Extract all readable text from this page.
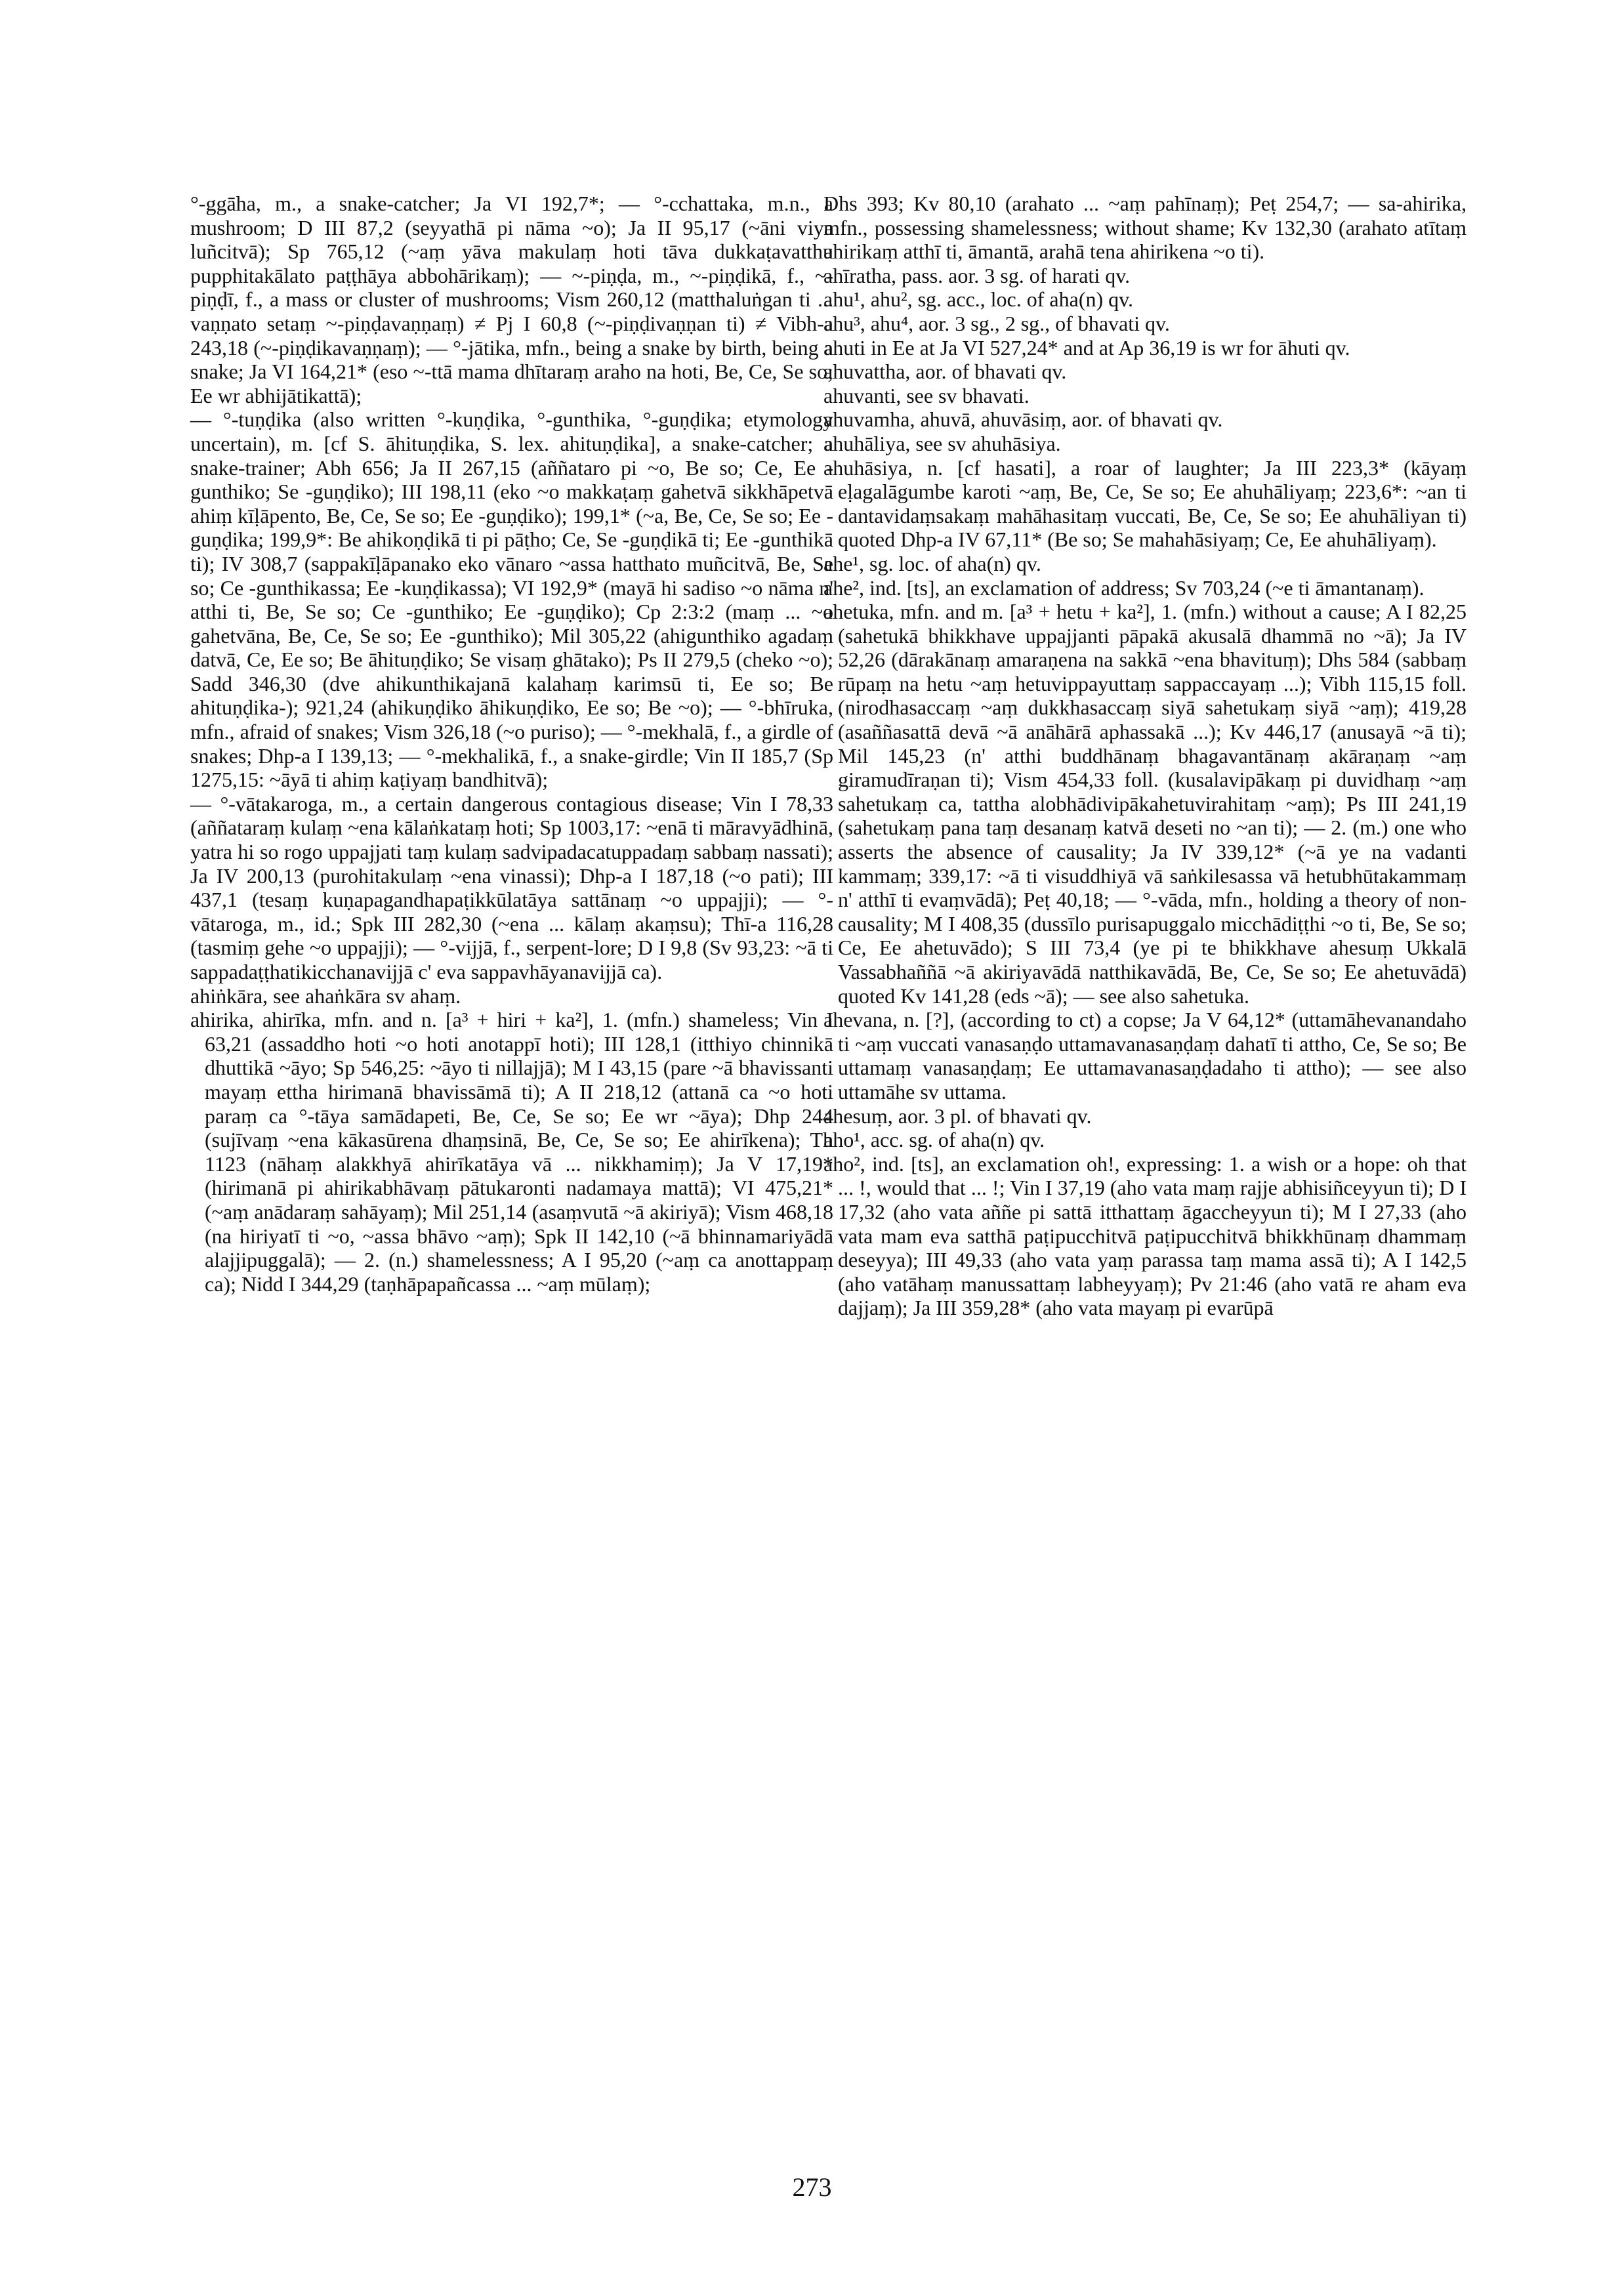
°-ggāha, m., a snake-catcher; Ja VI 192,7*; — °-cchattaka, m.n., a mushroom; D III 87,2 (seyyathā pi nāma ~o); Ja II 95,17 (~āni viya luñcitvā); Sp 765,12 (~aṃ yāva makulaṃ hoti tāva dukkaṭavatthu pupphitakālato paṭṭhāya abbohārikaṃ); — ~-piṇḍa, m., ~-piṇḍikā, f., ~-piṇḍī, f., a mass or cluster of mushrooms; Vism 260,12 (matthaluṅgan ti ... vaṇṇato setaṃ ~-piṇḍavaṇṇaṃ) ≠ Pj I 60,8 (~-piṇḍivaṇṇan ti) ≠ Vibh-a 243,18 (~-piṇḍikavaṇṇaṃ); — °-jātika, mfn., being a snake by birth, being a snake; Ja VI 164,21* (eso ~-ttā mama dhītaraṃ araho na hoti, Be, Ce, Se so; Ee wr abhijātikattā);

— °-tuṇḍika (also written °-kuṇḍika, °-gunthika, °-guṇḍika; etymology uncertain), m. [cf S. āhituṇḍika, S. lex. ahituṇḍika], a snake-catcher; a snake-trainer; Abh 656; Ja II 267,15 (aññataro pi ~o, Be so; Ce, Ee -gunthiko; Se -guṇḍiko); III 198,11 (eko ~o makkaṭaṃ gahetvā sikkhāpetvā ahiṃ kīḷāpento, Be, Ce, Se so; Ee -guṇḍiko); 199,1* (~a, Be, Ce, Se so; Ee -guṇḍika; 199,9*: Be ahikoṇḍikā ti pi pāṭho; Ce, Se -guṇḍikā ti; Ee -gunthikā ti); IV 308,7 (sappakīḷāpanako eko vānaro ~assa hatthato muñcitvā, Be, Se so; Ce -gunthikassa; Ee -kuṇḍikassa); VI 192,9* (mayā hi sadiso ~o nāma n' atthi ti, Be, Se so; Ce -gunthiko; Ee -guṇḍiko); Cp 2:3:2 (maṃ ... ~o gahetvāna, Be, Ce, Se so; Ee -gunthiko); Mil 305,22 (ahigunthiko agadaṃ datvā, Ce, Ee so; Be āhituṇḍiko; Se visaṃ ghātako); Ps II 279,5 (cheko ~o); Sadd 346,30 (dve ahikunthikajanā kalahaṃ karimsū ti, Ee so; Be ahituṇḍika-); 921,24 (ahikuṇḍiko āhikuṇḍiko, Ee so; Be ~o); — °-bhīruka, mfn., afraid of snakes; Vism 326,18 (~o puriso); — °-mekhalā, f., a girdle of snakes; Dhp-a I 139,13; — °-mekhalikā, f., a snake-girdle; Vin II 185,7 (Sp 1275,15: ~āyā ti ahiṃ kaṭiyaṃ bandhitvā);

— °-vātakaroga, m., a certain dangerous contagious disease; Vin I 78,33 (aññataraṃ kulaṃ ~ena kālaṅkataṃ hoti; Sp 1003,17: ~enā ti māravyādhinā, yatra hi so rogo uppajjati taṃ kulaṃ sadvipadacatuppadaṃ sabbaṃ nassati); Ja IV 200,13 (purohitakulaṃ ~ena vinassi); Dhp-a I 187,18 (~o pati); III 437,1 (tesaṃ kuṇapagandhapaṭikkūlatāya sattānaṃ ~o uppajji); — °-vātaroga, m., id.; Spk III 282,30 (~ena ... kālaṃ akaṃsu); Thī-a 116,28 (tasmiṃ gehe ~o uppajji); — °-vijjā, f., serpent-lore; D I 9,8 (Sv 93,23: ~ā ti sappadaṭṭhatikicchanavijjā c' eva sappavhāyanavijjā ca).

ahiṅkāra, see ahaṅkāra sv ahaṃ.

ahirika, ahirīka, mfn. and n. [a³ + hiri + ka²], 1. (mfn.) shameless; Vin I 63,21 (assaddho hoti ~o hoti anotappī hoti); III 128,1 (itthiyo chinnikā dhuttikā ~āyo; Sp 546,25: ~āyo ti nillajjā); M I 43,15 (pare ~ā bhavissanti mayaṃ ettha hirimanā bhavissāmā ti); A II 218,12 (attanā ca ~o hoti paraṃ ca °-tāya samādapeti, Be, Ce, Se so; Ee wr ~āya); Dhp 244 (sujīvaṃ ~ena kākasūrena dhaṃsinā, Be, Ce, Se so; Ee ahirīkena); Th 1123 (nāhaṃ alakkhyā ahirīkatāya vā ... nikkhamiṃ); Ja V 17,19* (hirimanā pi ahirikabhāvaṃ pātukaronti nadamaya mattā); VI 475,21* (~aṃ anādaraṃ sahāyaṃ); Mil 251,14 (asaṃvutā ~ā akiriyā); Vism 468,18 (na hiriyatī ti ~o, ~assa bhāvo ~aṃ); Spk II 142,10 (~ā bhinnamariyādā alajjipuggalā); — 2. (n.) shamelessness; A I 95,20 (~aṃ ca anottappaṃ ca); Nidd I 344,29 (taṇhāpapañcassa ... ~aṃ mūlaṃ);

Dhs 393; Kv 80,10 (arahato ... ~aṃ pahīnaṃ); Peṭ 254,7; — sa-ahirika, mfn., possessing shamelessness; without shame; Kv 132,30 (arahato atītaṃ ahirikaṃ atthī ti, āmantā, arahā tena ahirikena ~o ti).

ahīratha, pass. aor. 3 sg. of harati qv.

ahu¹, ahu², sg. acc., loc. of aha(n) qv.

ahu³, ahu⁴, aor. 3 sg., 2 sg., of bhavati qv.

ahuti in Ee at Ja VI 527,24* and at Ap 36,19 is wr for āhuti qv.

ahuvattha, aor. of bhavati qv.

ahuvanti, see sv bhavati.

ahuvamha, ahuvā, ahuvāsiṃ, aor. of bhavati qv.

ahuhāliya, see sv ahuhāsiya.

ahuhāsiya, n. [cf hasati], a roar of laughter; Ja III 223,3* (kāyaṃ eḷagalāgumbe karoti ~aṃ, Be, Ce, Se so; Ee ahuhāliyaṃ; 223,6*: ~an ti dantavidaṃsakaṃ mahāhasitaṃ vuccati, Be, Ce, Se so; Ee ahuhāliyan ti) quoted Dhp-a IV 67,11* (Be so; Se mahahāsiyaṃ; Ce, Ee ahuhāliyaṃ).

ahe¹, sg. loc. of aha(n) qv.

ahe², ind. [ts], an exclamation of address; Sv 703,24 (~e ti āmantanaṃ).

ahetuka, mfn. and m. [a³ + hetu + ka²], 1. (mfn.) without a cause; A I 82,25 (sahetukā bhikkhave uppajjanti pāpakā akusalā dhammā no ~ā); Ja IV 52,26 (dārakānaṃ amaraṇena na sakkā ~ena bhavituṃ); Dhs 584 (sabbaṃ rūpaṃ na hetu ~aṃ hetuvippayuttaṃ sappaccayaṃ ...); Vibh 115,15 foll. (nirodhasaccaṃ ~aṃ dukkhasaccaṃ siyā sahetukaṃ siyā ~aṃ); 419,28 (asaññasattā devā ~ā anāhārā aphassakā ...); Kv 446,17 (anusayā ~ā ti); Mil 145,23 (n' atthi buddhānaṃ bhagavantānaṃ akāraṇaṃ ~aṃ giramudīraṇan ti); Vism 454,33 foll. (kusalavipākaṃ pi duvidhaṃ ~aṃ sahetukaṃ ca, tattha alobhādivipākahetuvirahitaṃ ~aṃ); Ps III 241,19 (sahetukaṃ pana taṃ desanaṃ katvā deseti no ~an ti); — 2. (m.) one who asserts the absence of causality; Ja IV 339,12* (~ā ye na vadanti kammaṃ; 339,17: ~ā ti visuddhiyā vā saṅkilesassa vā hetubhūtakammaṃ n' atthī ti evaṃvādā); Peṭ 40,18; — °-vāda, mfn., holding a theory of non-causality; M I 408,35 (dussīlo purisapuggalo micchādiṭṭhi ~o ti, Be, Se so; Ce, Ee ahetuvādo); S III 73,4 (ye pi te bhikkhave ahesuṃ Ukkalā Vassabhaññā ~ā akiriyavādā natthikavādā, Be, Ce, Se so; Ee ahetuvādā) quoted Kv 141,28 (eds ~ā); — see also sahetuka.

ahevana, n. [?], (according to ct) a copse; Ja V 64,12* (uttamāhevanandaho ti ~aṃ vuccati vanasaṇḍo uttamavanasaṇḍaṃ dahatī ti attho, Ce, Se so; Be uttamaṃ vanasaṇḍaṃ; Ee uttamavanasaṇḍadaho ti attho); — see also uttamāhe sv uttama.

ahesuṃ, aor. 3 pl. of bhavati qv.

aho¹, acc. sg. of aha(n) qv.

aho², ind. [ts], an exclamation oh!, expressing: 1. a wish or a hope: oh that ... !, would that ... !; Vin I 37,19 (aho vata maṃ rajje abhisiñceyyun ti); D I 17,32 (aho vata aññe pi sattā itthattaṃ āgaccheyyun ti); M I 27,33 (aho vata mam eva satthā paṭipucchitvā paṭipucchitvā bhikkhūnaṃ dhammaṃ deseyya); III 49,33 (aho vata yaṃ parassa taṃ mama assā ti); A I 142,5 (aho vatāhaṃ manussattaṃ labheyyaṃ); Pv 21:46 (aho vatā re aham eva dajjaṃ); Ja III 359,28* (aho vata mayaṃ pi evarūpā

273
